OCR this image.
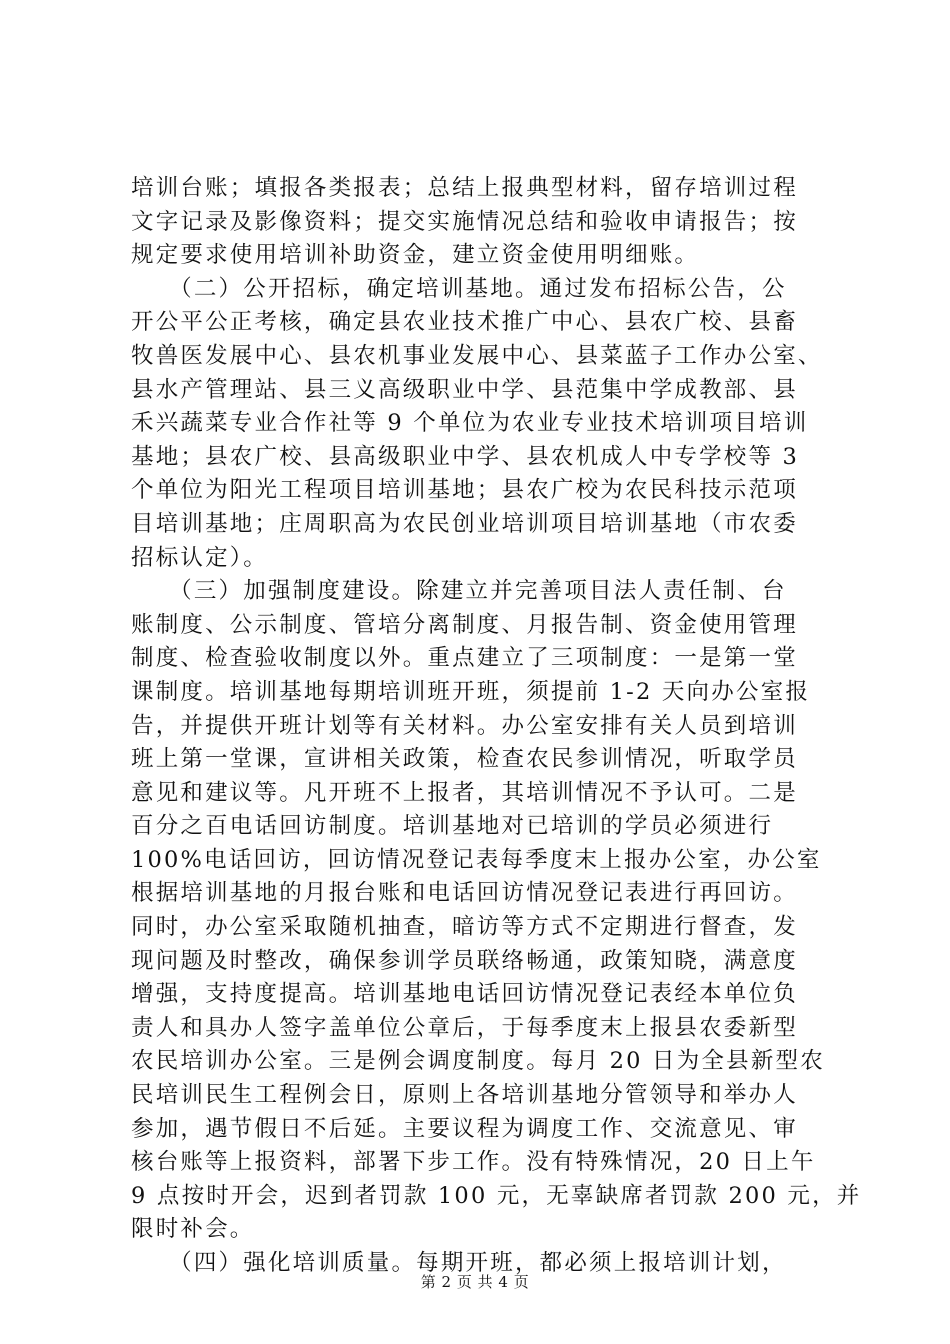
培训台账；填报各类报表；总结上报典型材料，留存培训过程
文字记录及影像资料；提交实施情况总结和验收申请报告；按
规定要求使用培训补助资金，建立资金使用明细账。
　　（二）公开招标，确定培训基地。通过发布招标公告，公
开公平公正考核，确定县农业技术推广中心、县农广校、县畜
牧兽医发展中心、县农机事业发展中心、县菜蓝子工作办公室、
县水产管理站、县三义高级职业中学、县范集中学成教部、县
禾兴蔬菜专业合作社等 9 个单位为农业专业技术培训项目培训
基地；县农广校、县高级职业中学、县农机成人中专学校等 3
个单位为阳光工程项目培训基地；县农广校为农民科技示范项
目培训基地；庄周职高为农民创业培训项目培训基地（市农委
招标认定）。
　　（三）加强制度建设。除建立并完善项目法人责任制、台
账制度、公示制度、管培分离制度、月报告制、资金使用管理
制度、检查验收制度以外。重点建立了三项制度：一是第一堂
课制度。培训基地每期培训班开班，须提前 1-2 天向办公室报
告，并提供开班计划等有关材料。办公室安排有关人员到培训
班上第一堂课，宣讲相关政策，检查农民参训情况，听取学员
意见和建议等。凡开班不上报者，其培训情况不予认可。二是
百分之百电话回访制度。培训基地对已培训的学员必须进行
100%电话回访，回访情况登记表每季度末上报办公室，办公室
根据培训基地的月报台账和电话回访情况登记表进行再回访。
同时，办公室采取随机抽查，暗访等方式不定期进行督查，发
现问题及时整改，确保参训学员联络畅通，政策知晓，满意度
增强，支持度提高。培训基地电话回访情况登记表经本单位负
责人和具办人签字盖单位公章后，于每季度末上报县农委新型
农民培训办公室。三是例会调度制度。每月 20 日为全县新型农
民培训民生工程例会日，原则上各培训基地分管领导和举办人
参加，遇节假日不后延。主要议程为调度工作、交流意见、审
核台账等上报资料，部署下步工作。没有特殊情况，20 日上午
9 点按时开会，迟到者罚款 100 元，无辜缺席者罚款 200 元，并
限时补会。
　　（四）强化培训质量。每期开班，都必须上报培训计划，
第 2 页 共 4 页
